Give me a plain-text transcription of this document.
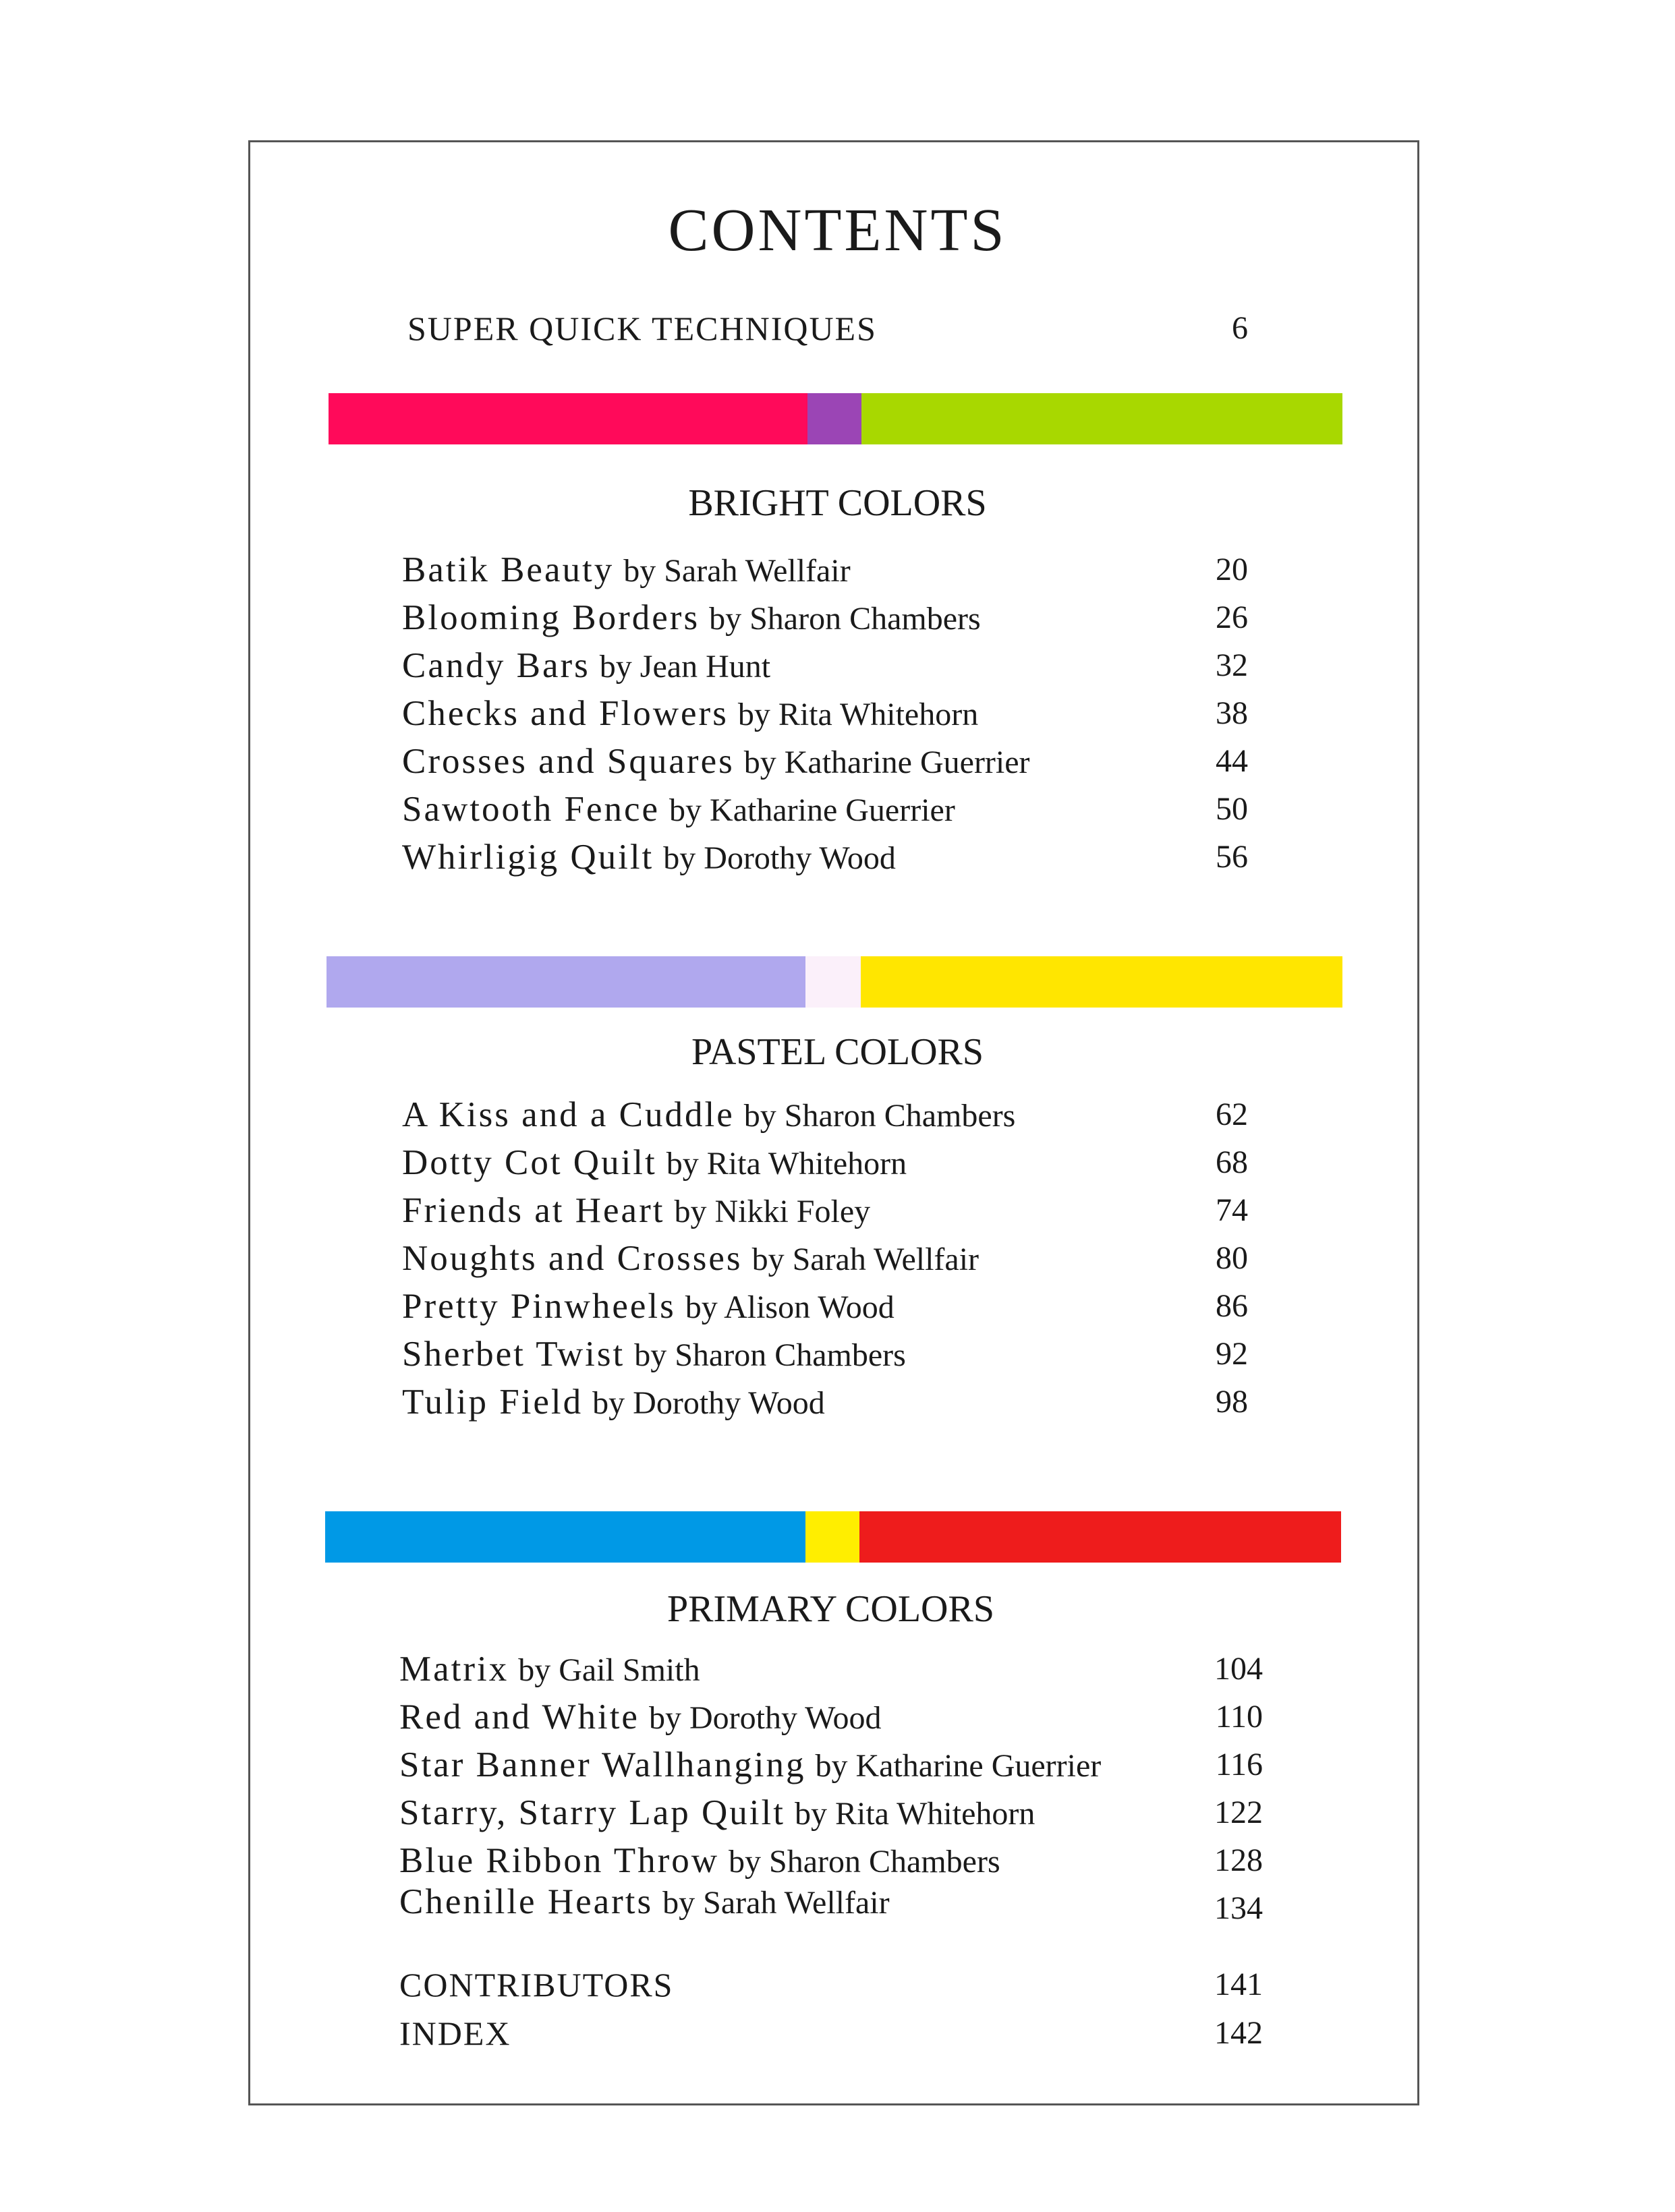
CONTENTS
SUPER QUICK TECHNIQUES	6
BRIGHT COLORS
PASTEL COLORS
PRIMARY COLORS
Batik Beauty by Sarah Wellfair	20
Blooming Borders by Sharon Chambers	26
Candy Bars by Jean Hunt	32
Checks and Flowers by Rita Whitehorn	38
Crosses and Squares by Katharine Guerrier	44
Sawtooth Fence by Katharine Guerrier	50
Whirligig Quilt by Dorothy Wood	56
A Kiss and a Cuddle by Sharon Chambers	62
Dotty Cot Quilt by Rita Whitehorn	68
Friends at Heart by Nikki Foley	74
Noughts and Crosses by Sarah Wellfair	80
Pretty Pinwheels by Alison Wood	86
Sherbet Twist by Sharon Chambers	92
Tulip Field by Dorothy Wood	98
Matrix by Gail Smith	104
Red and White by Dorothy Wood	110
Star Banner Wallhanging by Katharine Guerrier	116
Starry, Starry Lap Quilt by Rita Whitehorn	122
Blue Ribbon Throw by Sharon Chambers	128
Chenille Hearts by Sarah Wellfair	134
CONTRIBUTORS	141
INDEX	142
